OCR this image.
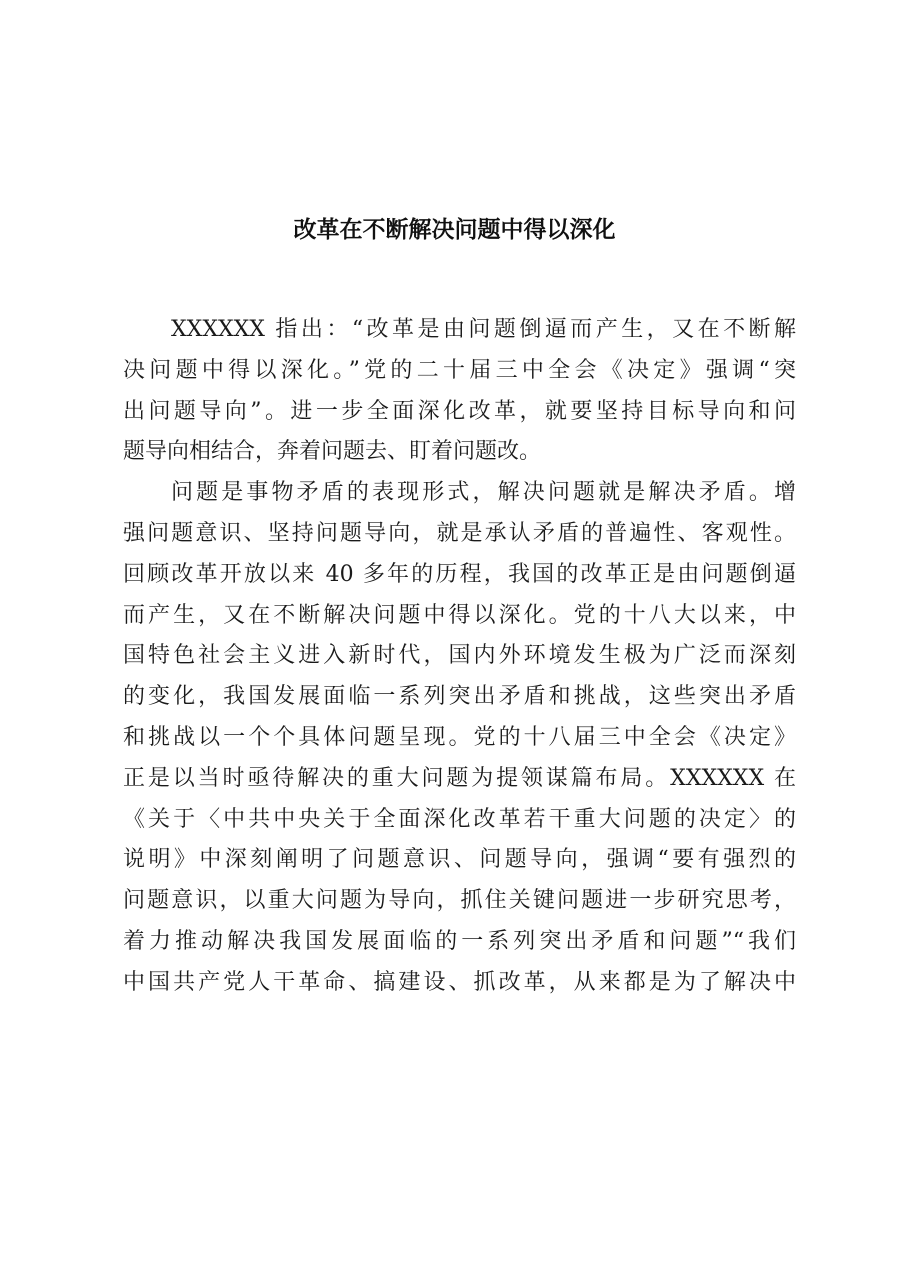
改革在不断解决问题中得以深化
XXXXXX 指出：“改革是由问题倒逼而产生，又在不断解
决问题中得以深化。”党的二十届三中全会《决定》强调“突
出问题导向”。进一步全面深化改革，就要坚持目标导向和问
题导向相结合，奔着问题去、盯着问题改。
问题是事物矛盾的表现形式，解决问题就是解决矛盾。增
强问题意识、坚持问题导向，就是承认矛盾的普遍性、客观性。
回顾改革开放以来 40 多年的历程，我国的改革正是由问题倒逼
而产生，又在不断解决问题中得以深化。党的十八大以来，中
国特色社会主义进入新时代，国内外环境发生极为广泛而深刻
的变化，我国发展面临一系列突出矛盾和挑战，这些突出矛盾
和挑战以一个个具体问题呈现。党的十八届三中全会《决定》
正是以当时亟待解决的重大问题为提领谋篇布局。XXXXXX 在
《关于〈中共中央关于全面深化改革若干重大问题的决定〉的
说明》中深刻阐明了问题意识、问题导向，强调“要有强烈的
问题意识，以重大问题为导向，抓住关键问题进一步研究思考，
着力推动解决我国发展面临的一系列突出矛盾和问题”“我们
中国共产党人干革命、搞建设、抓改革，从来都是为了解决中
